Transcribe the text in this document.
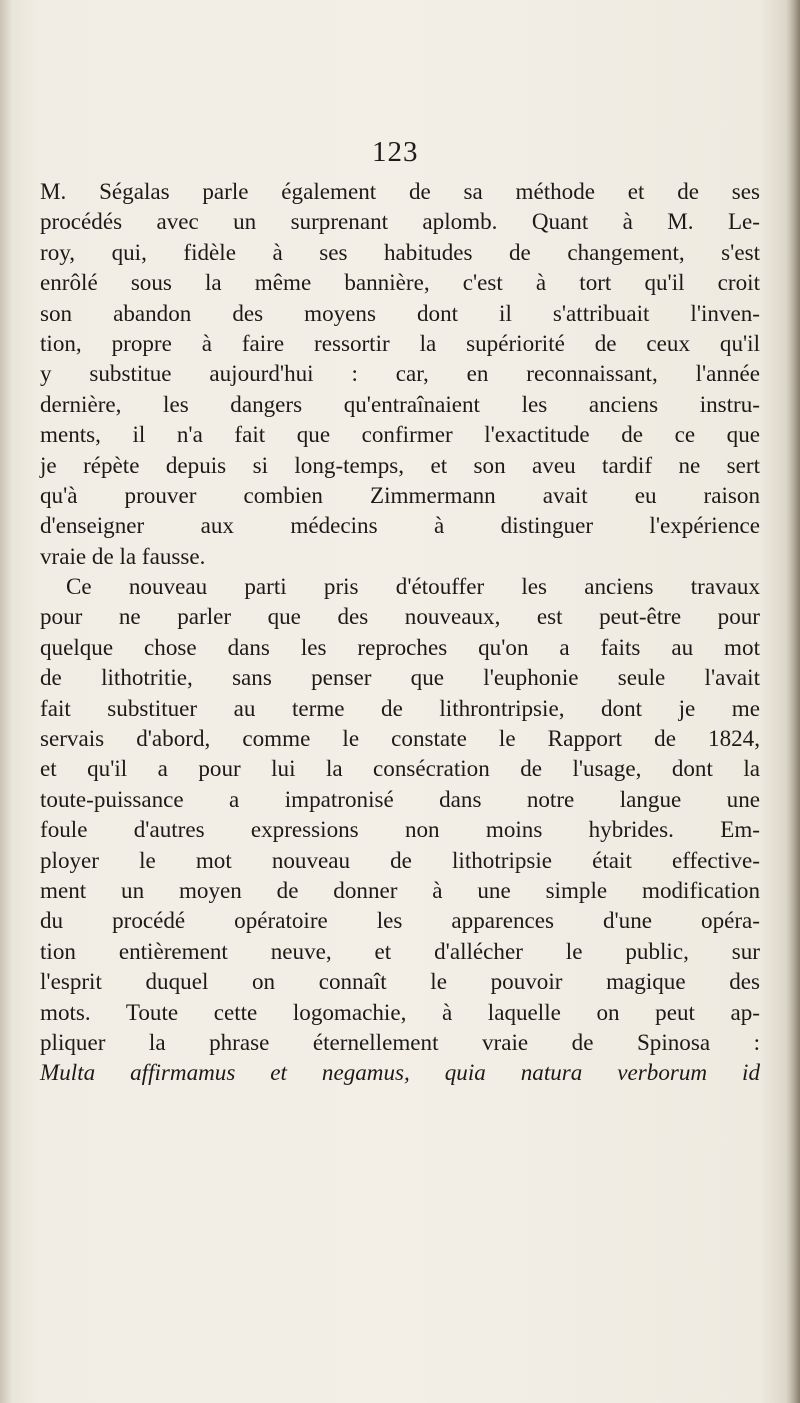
123
M. Ségalas parle également de sa méthode et de ses
procédés avec un surprenant aplomb. Quant à M. Le-
roy, qui, fidèle à ses habitudes de changement, s'est
enrôlé sous la même bannière, c'est à tort qu'il croit
son abandon des moyens dont il s'attribuait l'inven-
tion, propre à faire ressortir la supériorité de ceux qu'il
y substitue aujourd'hui : car, en reconnaissant, l'année
dernière, les dangers qu'entraînaient les anciens instru-
ments, il n'a fait que confirmer l'exactitude de ce que
je répète depuis si long-temps, et son aveu tardif ne sert
qu'à prouver combien Zimmermann avait eu raison
d'enseigner aux médecins à distinguer l'expérience
vraie de la fausse.
Ce nouveau parti pris d'étouffer les anciens travaux
pour ne parler que des nouveaux, est peut-être pour
quelque chose dans les reproches qu'on a faits au mot
de lithotritie, sans penser que l'euphonie seule l'avait
fait substituer au terme de lithrontripsie, dont je me
servais d'abord, comme le constate le Rapport de 1824,
et qu'il a pour lui la consécration de l'usage, dont la
toute-puissance a impatronisé dans notre langue une
foule d'autres expressions non moins hybrides. Em-
ployer le mot nouveau de lithotripsie était effective-
ment un moyen de donner à une simple modification
du procédé opératoire les apparences d'une opéra-
tion entièrement neuve, et d'allécher le public, sur
l'esprit duquel on connaît le pouvoir magique des
mots. Toute cette logomachie, à laquelle on peut ap-
pliquer la phrase éternellement vraie de Spinosa :
Multa affirmamus et negamus, quia natura verborum id
